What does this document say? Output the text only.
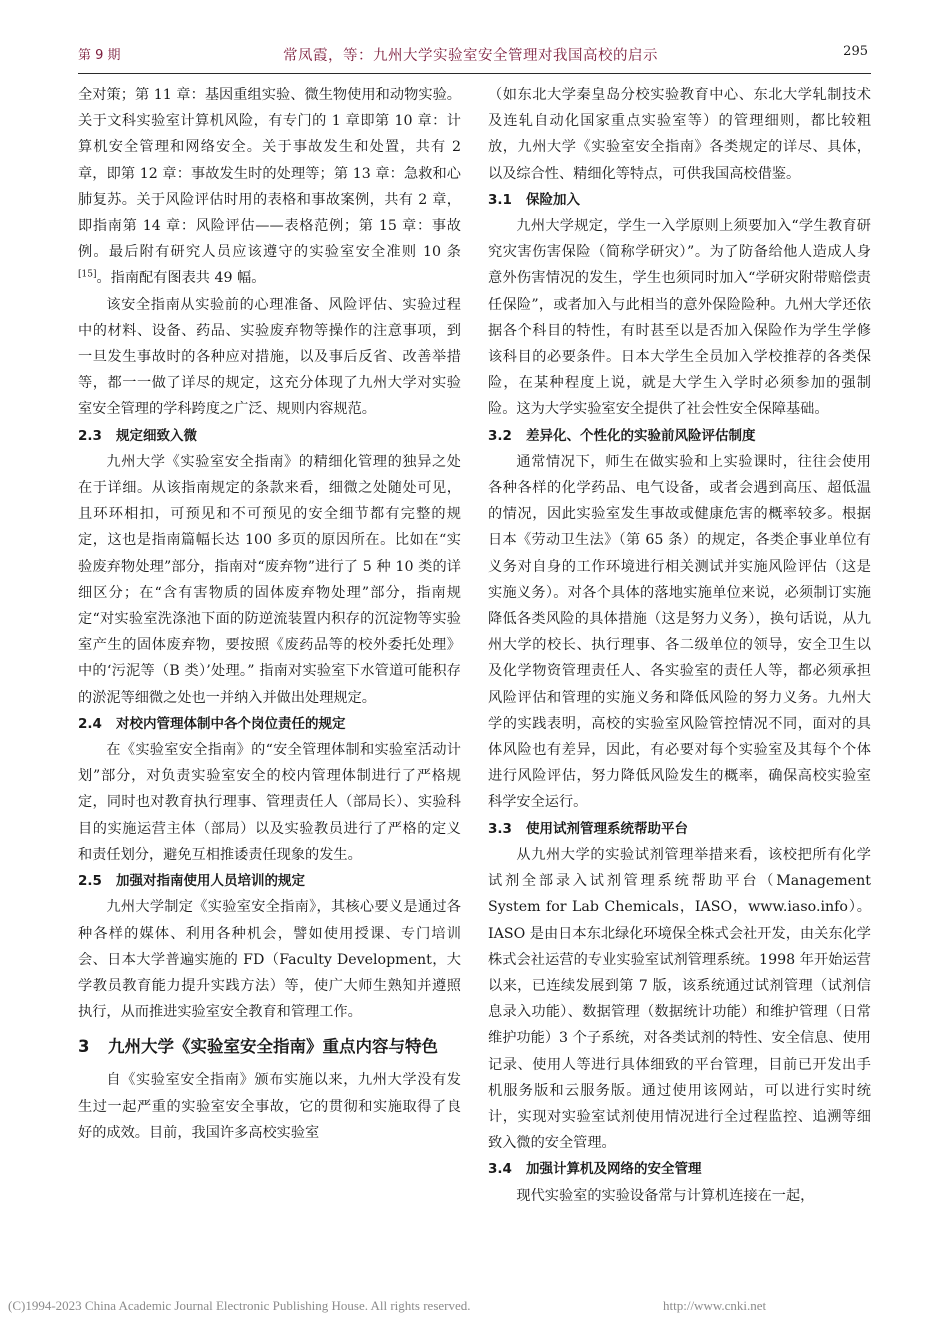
第 9 期	常凤霞，等：九州大学实验室安全管理对我国高校的启示	295

全对策；第 11 章：基因重组实验、微生物使用和动物实验。关于文科实验室计算机风险，有专门的 1 章即第 10 章：计算机安全管理和网络安全。关于事故发生和处置，共有 2 章，即第 12 章：事故发生时的处理等；第 13 章：急救和心肺复苏。关于风险评估时用的表格和事故案例，共有 2 章，即指南第 14 章：风险评估——表格范例；第 15 章：事故例。最后附有研究人员应该遵守的实验室安全准则 10 条[15]。指南配有图表共 49 幅。

该安全指南从实验前的心理准备、风险评估、实验过程中的材料、设备、药品、实验废弃物等操作的注意事项，到一旦发生事故时的各种应对措施，以及事后反省、改善举措等，都一一做了详尽的规定，这充分体现了九州大学对实验室安全管理的学科跨度之广泛、规则内容规范。

2.3 规定细致入微

九州大学《实验室安全指南》的精细化管理的独异之处在于详细。从该指南规定的条款来看，细微之处随处可见，且环环相扣，可预见和不可预见的安全细节都有完整的规定，这也是指南篇幅长达 100 多页的原因所在。比如在“实验废弃物处理”部分，指南对“废弃物”进行了 5 种 10 类的详细区分；在“含有害物质的固体废弃物处理”部分，指南规定“对实验室洗涤池下面的防逆流装置内积存的沉淀物等实验室产生的固体废弃物，要按照《废药品等的校外委托处理》中的‘污泥等（B 类）’处理。” 指南对实验室下水管道可能积存的淤泥等细微之处也一并纳入并做出处理规定。

2.4 对校内管理体制中各个岗位责任的规定

在《实验室安全指南》的“安全管理体制和实验室活动计划”部分，对负责实验室安全的校内管理体制进行了严格规定，同时也对教育执行理事、管理责任人（部局长）、实验科目的实施运营主体（部局）以及实验教员进行了严格的定义和责任划分，避免互相推诿责任现象的发生。

2.5 加强对指南使用人员培训的规定

九州大学制定《实验室安全指南》，其核心要义是通过各种各样的媒体、利用各种机会，譬如使用授课、专门培训会、日本大学普遍实施的 FD（Faculty Development，大学教员教育能力提升实践方法）等，使广大师生熟知并遵照执行，从而推进实验室安全教育和管理工作。

3	九州大学《实验室安全指南》重点内容与特色

自《实验室安全指南》颁布实施以来，九州大学没有发生过一起严重的实验室安全事故，它的贯彻和实施取得了良好的成效。目前，我国许多高校实验室

（如东北大学秦皇岛分校实验教育中心、东北大学轧制技术及连轧自动化国家重点实验室等）的管理细则，都比较粗放，九州大学《实验室安全指南》各类规定的详尽、具体，以及综合性、精细化等特点，可供我国高校借鉴。

3.1 保险加入

九州大学规定，学生一入学原则上须要加入“学生教育研究灾害伤害保险（简称学研灾）”。为了防备给他人造成人身意外伤害情况的发生，学生也须同时加入“学研灾附带赔偿责任保险”，或者加入与此相当的意外保险险种。九州大学还依据各个科目的特性，有时甚至以是否加入保险作为学生学修该科目的必要条件。日本大学生全员加入学校推荐的各类保险，在某种程度上说，就是大学生入学时必须参加的强制险。这为大学实验室安全提供了社会性安全保障基础。

3.2 差异化、个性化的实验前风险评估制度

通常情况下，师生在做实验和上实验课时，往往会使用各种各样的化学药品、电气设备，或者会遇到高压、超低温的情况，因此实验室发生事故或健康危害的概率较多。根据日本《劳动卫生法》（第 65 条）的规定，各类企事业单位有义务对自身的工作环境进行相关测试并实施风险评估（这是实施义务）。对各个具体的落地实施单位来说，必须制订实施降低各类风险的具体措施（这是努力义务），换句话说，从九州大学的校长、执行理事、各二级单位的领导，安全卫生以及化学物资管理责任人、各实验室的责任人等，都必须承担风险评估和管理的实施义务和降低风险的努力义务。九州大学的实践表明，高校的实验室风险管控情况不同，面对的具体风险也有差异，因此，有必要对每个实验室及其每个个体进行风险评估，努力降低风险发生的概率，确保高校实验室科学安全运行。

3.3 使用试剂管理系统帮助平台

从九州大学的实验试剂管理举措来看，该校把所有化学试剂全部录入试剂管理系统帮助平台（Management System for Lab Chemicals，IASO，www.iaso.info）。IASO 是由日本东北绿化环境保全株式会社开发，由关东化学株式会社运营的专业实验室试剂管理系统。1998 年开始运营以来，已连续发展到第 7 版，该系统通过试剂管理（试剂信息录入功能）、数据管理（数据统计功能）和维护管理（日常维护功能）3 个子系统，对各类试剂的特性、安全信息、使用记录、使用人等进行具体细致的平台管理，目前已开发出手机服务版和云服务版。通过使用该网站，可以进行实时统计，实现对实验室试剂使用情况进行全过程监控、追溯等细致入微的安全管理。

3.4 加强计算机及网络的安全管理

现代实验室的实验设备常与计算机连接在一起，

(C)1994-2023 China Academic Journal Electronic Publishing House. All rights reserved.	http://www.cnki.net
